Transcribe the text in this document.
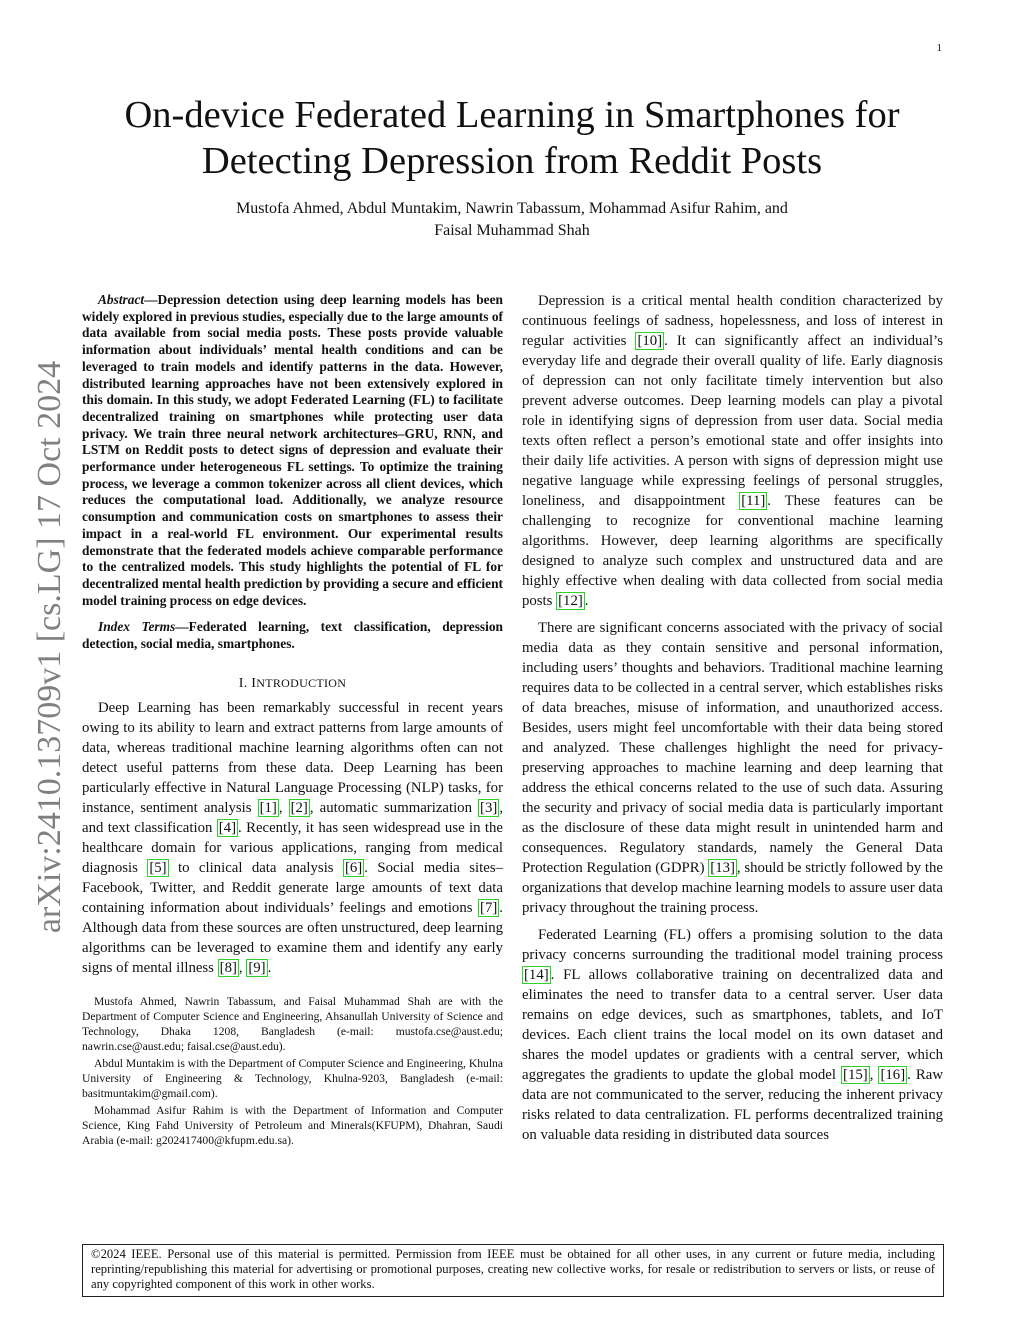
1
arXiv:2410.13709v1 [cs.LG] 17 Oct 2024
On-device Federated Learning in Smartphones for
Detecting Depression from Reddit Posts
Mustofa Ahmed, Abdul Muntakim, Nawrin Tabassum, Mohammad Asifur Rahim, and
Faisal Muhammad Shah

Abstract—Depression detection using deep learning models has been widely explored in previous studies, especially due to the large amounts of data available from social media posts. These posts provide valuable information about individuals’ mental health conditions and can be leveraged to train models and identify patterns in the data. However, distributed learning approaches have not been extensively explored in this domain. In this study, we adopt Federated Learning (FL) to facilitate decentralized training on smartphones while protecting user data privacy. We train three neural network architectures–GRU, RNN, and LSTM on Reddit posts to detect signs of depression and evaluate their performance under heterogeneous FL settings. To optimize the training process, we leverage a common tokenizer across all client devices, which reduces the computational load. Additionally, we analyze resource consumption and communication costs on smartphones to assess their impact in a real-world FL environment. Our experimental results demonstrate that the federated models achieve comparable performance to the centralized models. This study highlights the potential of FL for decentralized mental health prediction by providing a secure and efficient model training process on edge devices.

Index Terms—Federated learning, text classification, depression detection, social media, smartphones.

I. INTRODUCTION

Deep Learning has been remarkably successful in recent years owing to its ability to learn and extract patterns from large amounts of data, whereas traditional machine learning algorithms often can not detect useful patterns from these data. Deep Learning has been particularly effective in Natural Language Processing (NLP) tasks, for instance, sentiment analysis [1] , [2] , automatic summarization [3] , and text classification [4] . Recently, it has seen widespread use in the healthcare domain for various applications, ranging from medical diagnosis [5] to clinical data analysis [6] . Social media sites–Facebook, Twitter, and Reddit generate large amounts of text data containing information about individuals’ feelings and emotions [7] . Although data from these sources are often unstructured, deep learning algorithms can be leveraged to examine them and identify any early signs of mental illness [8] , [9] .

Mustofa Ahmed, Nawrin Tabassum, and Faisal Muhammad Shah are with the Department of Computer Science and Engineering, Ahsanullah University of Science and Technology, Dhaka 1208, Bangladesh (e-mail: mustofa.cse@aust.edu; nawrin.cse@aust.edu; faisal.cse@aust.edu).

Abdul Muntakim is with the Department of Computer Science and Engineering, Khulna University of Engineering & Technology, Khulna-9203, Bangladesh (e-mail: basitmuntakim@gmail.com).

Mohammad Asifur Rahim is with the Department of Information and Computer Science, King Fahd University of Petroleum and Minerals(KFUPM), Dhahran, Saudi Arabia (e-mail: g202417400@kfupm.edu.sa).

Depression is a critical mental health condition characterized by continuous feelings of sadness, hopelessness, and loss of interest in regular activities [10] . It can significantly affect an individual’s everyday life and degrade their overall quality of life. Early diagnosis of depression can not only facilitate timely intervention but also prevent adverse outcomes. Deep learning models can play a pivotal role in identifying signs of depression from user data. Social media texts often reflect a person’s emotional state and offer insights into their daily life activities. A person with signs of depression might use negative language while expressing feelings of personal struggles, loneliness, and disappointment [11] . These features can be challenging to recognize for conventional machine learning algorithms. However, deep learning algorithms are specifically designed to analyze such complex and unstructured data and are highly effective when dealing with data collected from social media posts [12] .

There are significant concerns associated with the privacy of social media data as they contain sensitive and personal information, including users’ thoughts and behaviors. Traditional machine learning requires data to be collected in a central server, which establishes risks of data breaches, misuse of information, and unauthorized access. Besides, users might feel uncomfortable with their data being stored and analyzed. These challenges highlight the need for privacy-preserving approaches to machine learning and deep learning that address the ethical concerns related to the use of such data. Assuring the security and privacy of social media data is particularly important as the disclosure of these data might result in unintended harm and consequences. Regulatory standards, namely the General Data Protection Regulation (GDPR) [13] , should be strictly followed by the organizations that develop machine learning models to assure user data privacy throughout the training process.

Federated Learning (FL) offers a promising solution to the data privacy concerns surrounding the traditional model training process [14] . FL allows collaborative training on decentralized data and eliminates the need to transfer data to a central server. User data remains on edge devices, such as smartphones, tablets, and IoT devices. Each client trains the local model on its own dataset and shares the model updates or gradients with a central server, which aggregates the gradients to update the global model [15] , [16] . Raw data are not communicated to the server, reducing the inherent privacy risks related to data centralization. FL performs decentralized training on valuable data residing in distributed data sources

©2024 IEEE. Personal use of this material is permitted. Permission from IEEE must be obtained for all other uses, in any current or future media, including reprinting/republishing this material for advertising or promotional purposes, creating new collective works, for resale or redistribution to servers or lists, or reuse of any copyrighted component of this work in other works.
